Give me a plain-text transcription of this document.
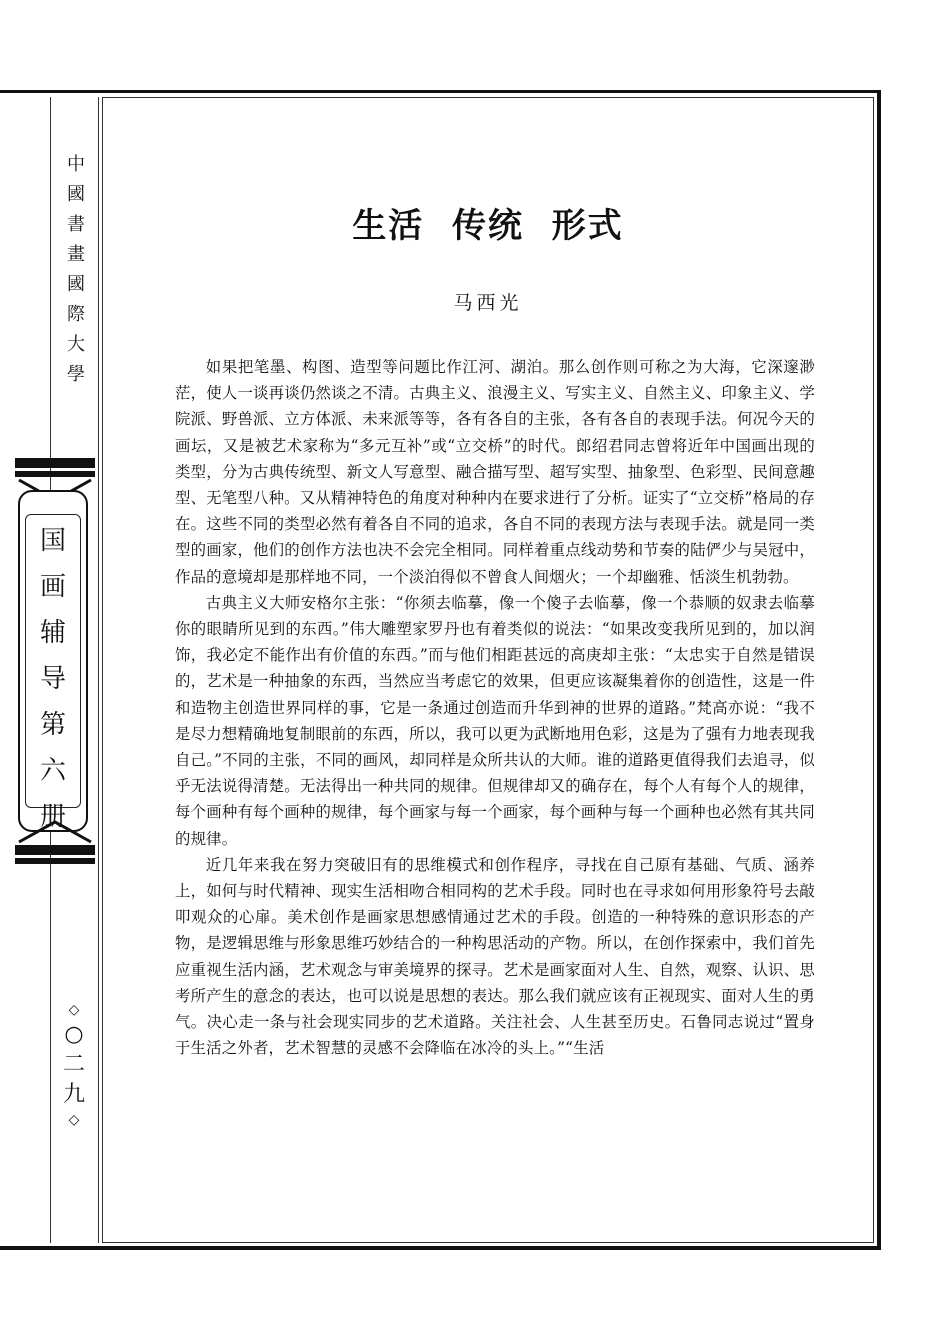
中
國
書
畫
國
際
大
學
国
画
辅
导
第
六
册
◇
○
二
九
◇
生活  传统  形式
马西光

如果把笔墨、构图、造型等问题比作江河、湖泊。那么创作则可称之为大海，它深邃渺茫，使人一谈再谈仍然谈之不清。古典主义、浪漫主义、写实主义、自然主义、印象主义、学院派、野兽派、立方体派、未来派等等，各有各自的主张，各有各自的表现手法。何况今天的画坛，又是被艺术家称为“多元互补”或“立交桥”的时代。郎绍君同志曾将近年中国画出现的类型，分为古典传统型、新文人写意型、融合描写型、超写实型、抽象型、色彩型、民间意趣型、无笔型八种。又从精神特色的角度对种种内在要求进行了分析。证实了“立交桥”格局的存在。这些不同的类型必然有着各自不同的追求，各自不同的表现方法与表现手法。就是同一类型的画家，他们的创作方法也决不会完全相同。同样着重点线动势和节奏的陆俨少与吴冠中，作品的意境却是那样地不同，一个淡泊得似不曾食人间烟火；一个却幽雅、恬淡生机勃勃。

古典主义大师安格尔主张：“你须去临摹，像一个傻子去临摹，像一个恭顺的奴隶去临摹你的眼睛所见到的东西。”伟大雕塑家罗丹也有着类似的说法：“如果改变我所见到的，加以润饰，我必定不能作出有价值的东西。”而与他们相距甚远的高庚却主张：“太忠实于自然是错误的，艺术是一种抽象的东西，当然应当考虑它的效果，但更应该凝集着你的创造性，这是一件和造物主创造世界同样的事，它是一条通过创造而升华到神的世界的道路。”梵高亦说：“我不是尽力想精确地复制眼前的东西，所以，我可以更为武断地用色彩，这是为了强有力地表现我自己。”不同的主张，不同的画风，却同样是众所共认的大师。谁的道路更值得我们去追寻，似乎无法说得清楚。无法得出一种共同的规律。但规律却又的确存在，每个人有每个人的规律，每个画种有每个画种的规律，每个画家与每一个画家，每个画种与每一个画种也必然有其共同的规律。

近几年来我在努力突破旧有的思维模式和创作程序，寻找在自己原有基础、气质、涵养上，如何与时代精神、现实生活相吻合相同构的艺术手段。同时也在寻求如何用形象符号去敲叩观众的心扉。美术创作是画家思想感情通过艺术的手段。创造的一种特殊的意识形态的产物，是逻辑思维与形象思维巧妙结合的一种构思活动的产物。所以，在创作探索中，我们首先应重视生活内涵，艺术观念与审美境界的探寻。艺术是画家面对人生、自然，观察、认识、思考所产生的意念的表达，也可以说是思想的表达。那么我们就应该有正视现实、面对人生的勇气。决心走一条与社会现实同步的艺术道路。关注社会、人生甚至历史。石鲁同志说过“置身于生活之外者，艺术智慧的灵感不会降临在冰冷的头上。”“生活
